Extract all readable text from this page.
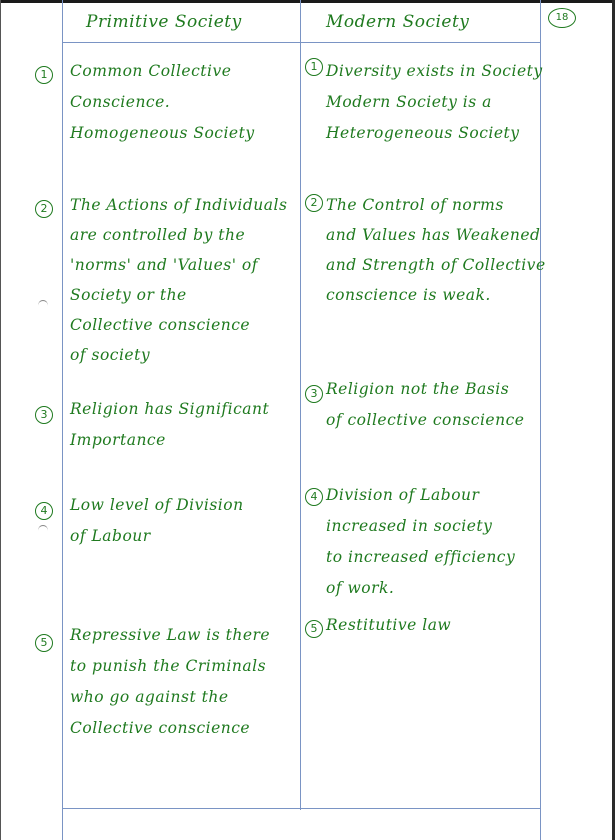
18
Primitive Society	Modern Society
1	Common Collective
Conscience.
Homogeneous Society
1 Diversity exists in Society
Modern Society is a
Heterogeneous Society
2	The Actions of Individuals
are controlled by the
'norms' and 'Values' of
Society or the
Collective conscience
of society
2 The Control of norms
and Values has Weakened
and Strength of Collective
conscience is weak.
3	Religion has Significant
Importance
3 Religion not the Basis
of collective conscience
4	Low level of Division
of Labour
4 Division of Labour
increased in society
to increased efficiency
of work.
5	Repressive Law is there
to punish the Criminals
who go against the
Collective conscience
5 Restitutive law
